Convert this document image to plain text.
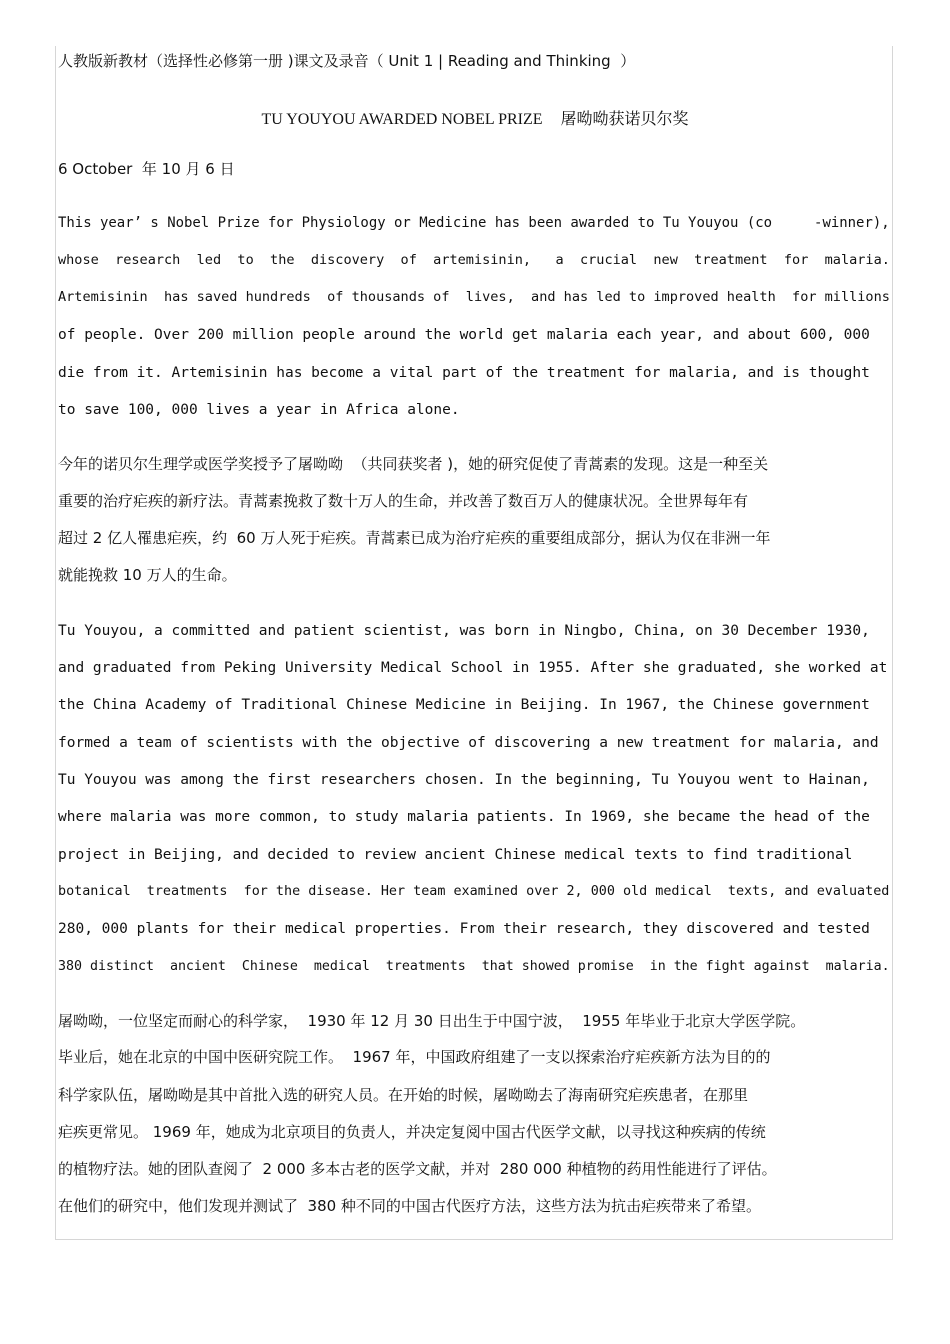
人教版新教材（选择性必修第一册 )课文及录音（ Unit 1 | Reading and Thinking  ）
TU YOUYOU AWARDED NOBEL PRIZE 屠呦呦获诺贝尔奖
6 October  年 10 月 6 日
This year’ s Nobel Prize for Physiology or Medicine has been awarded to Tu Youyou (co     -winner),
whose  research  led  to  the  discovery  of  artemisinin,   a  crucial  new  treatment  for  malaria.
Artemisinin  has saved hundreds  of thousands of  lives,  and has led to improved health  for millions
of people. Over 200 million people around the world get malaria each year, and about 600, 000
die from it. Artemisinin has become a vital part of the treatment for malaria, and is thought
to save 100, 000 lives a year in Africa alone.
今年的诺贝尔生理学或医学奖授予了屠呦呦  （共同获奖者 )，她的研究促使了青蒿素的发现。这是一种至关
重要的治疗疟疾的新疗法。青蒿素挽救了数十万人的生命，并改善了数百万人的健康状况。全世界每年有
超过 2 亿人罹患疟疾，约  60 万人死于疟疾。青蒿素已成为治疗疟疾的重要组成部分，据认为仅在非洲一年
就能挽救 10 万人的生命。
Tu Youyou, a committed and patient scientist, was born in Ningbo, China, on 30 December 1930,
and graduated from Peking University Medical School in 1955. After she graduated, she worked at
the China Academy of Traditional Chinese Medicine in Beijing. In 1967, the Chinese government
formed a team of scientists with the objective of discovering a new treatment for malaria, and
Tu Youyou was among the first researchers chosen. In the beginning, Tu Youyou went to Hainan,
where malaria was more common, to study malaria patients. In 1969, she became the head of the
project in Beijing, and decided to review ancient Chinese medical texts to find traditional
botanical  treatments  for the disease. Her team examined over 2, 000 old medical  texts, and evaluated
280, 000 plants for their medical properties. From their research, they discovered and tested
380 distinct  ancient  Chinese  medical  treatments  that showed promise  in the fight against  malaria.
屠呦呦，一位坚定而耐心的科学家，  1930 年 12 月 30 日出生于中国宁波，  1955 年毕业于北京大学医学院。
毕业后，她在北京的中国中医研究院工作。  1967 年，中国政府组建了一支以探索治疗疟疾新方法为目的的
科学家队伍，屠呦呦是其中首批入选的研究人员。在开始的时候，屠呦呦去了海南研究疟疾患者，在那里
疟疾更常见。 1969 年，她成为北京项目的负责人，并决定复阅中国古代医学文献，以寻找这种疾病的传统
的植物疗法。她的团队查阅了  2 000 多本古老的医学文献，并对  280 000 种植物的药用性能进行了评估。
在他们的研究中，他们发现并测试了  380 种不同的中国古代医疗方法，这些方法为抗击疟疾带来了希望。
